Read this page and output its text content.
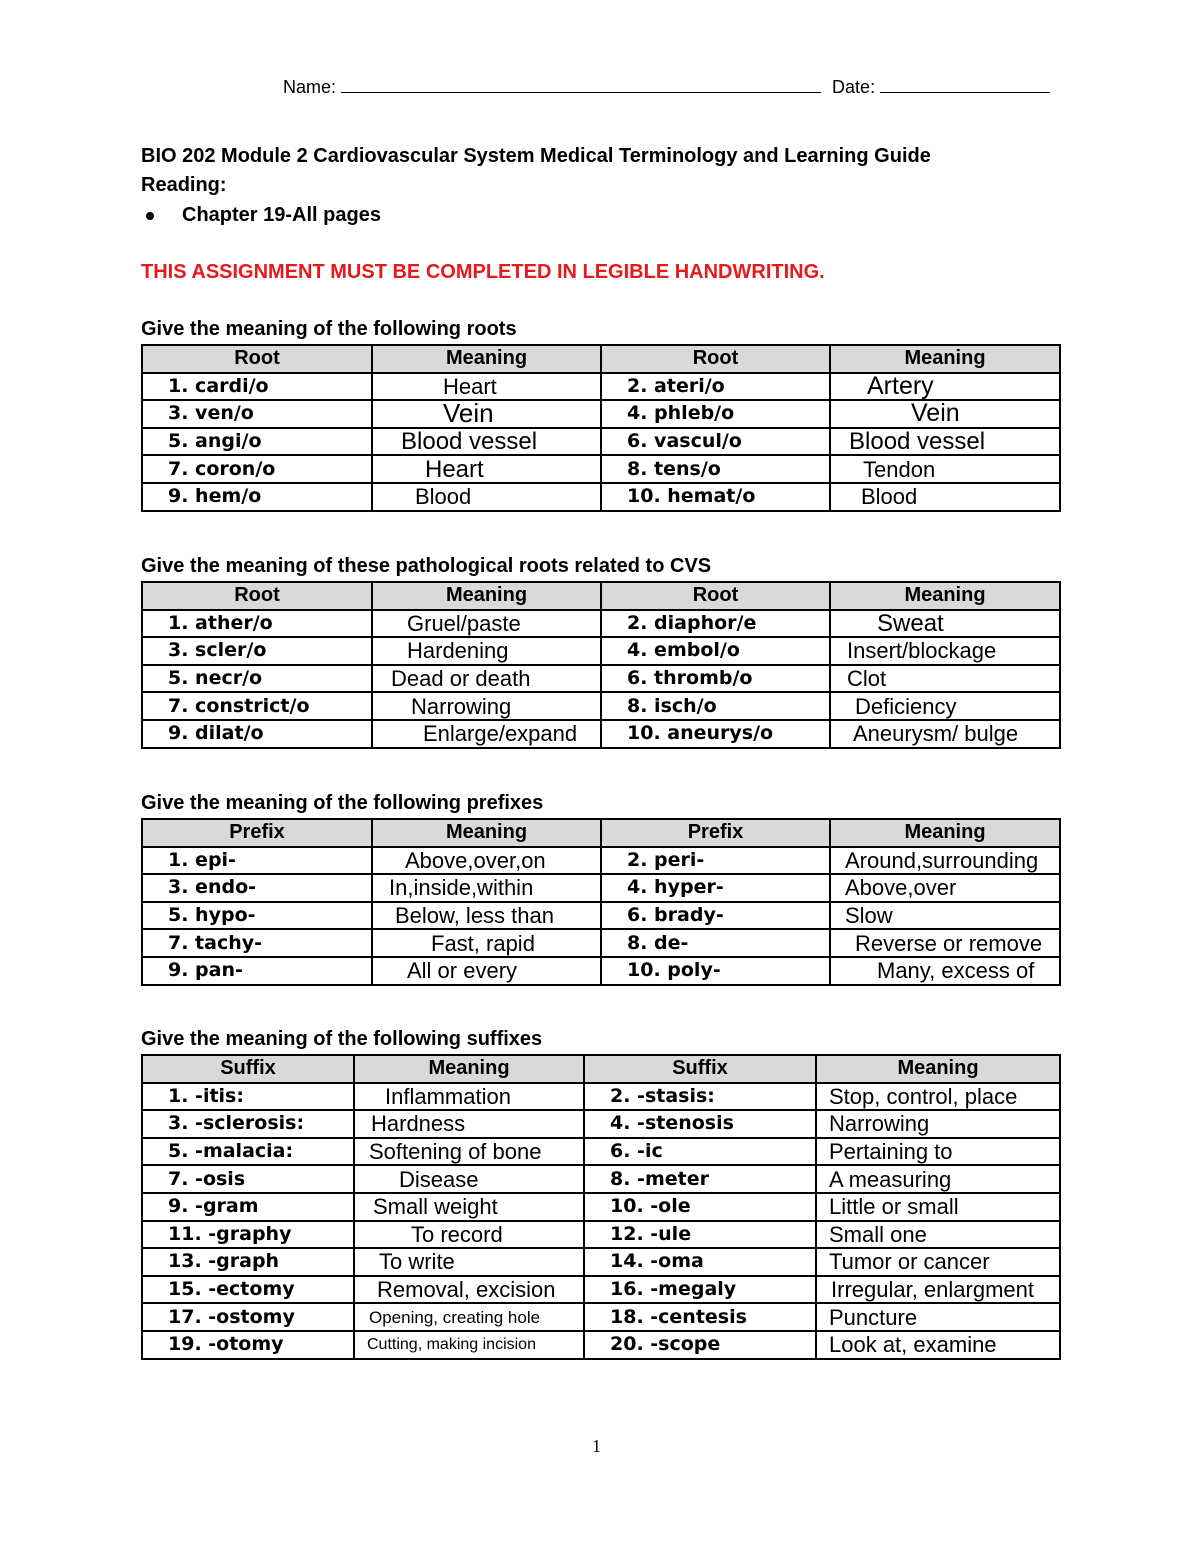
Name:	Date:
BIO 202 Module 2 Cardiovascular System Medical Terminology and Learning Guide
Reading:
Chapter 19-All pages
THIS ASSIGNMENT MUST BE COMPLETED IN LEGIBLE HANDWRITING.
Give the meaning of the following roots
Root	Meaning	Root	Meaning
1. cardi/o	Heart	2. ateri/o	Artery
3. ven/o	Vein	4. phleb/o	Vein
5. angi/o	Blood vessel	6. vascul/o	Blood vessel
7. coron/o	Heart	8. tens/o	Tendon
9. hem/o	Blood	10. hemat/o	Blood
Give the meaning of these pathological roots related to CVS
Root	Meaning	Root	Meaning
1. ather/o	Gruel/paste	2. diaphor/e	Sweat
3. scler/o	Hardening	4. embol/o	Insert/blockage
5. necr/o	Dead or death	6. thromb/o	Clot
7. constrict/o	Narrowing	8. isch/o	Deficiency
9. dilat/o	Enlarge/expand	10. aneurys/o	Aneurysm/ bulge
Give the meaning of the following prefixes
Prefix	Meaning	Prefix	Meaning
1. epi-	Above,over,on	2. peri-	Around,surrounding
3. endo-	In,inside,within	4. hyper-	Above,over
5. hypo-	Below, less than	6. brady-	Slow
7. tachy-	Fast, rapid	8. de-	Reverse or remove
9. pan-	All or every	10. poly-	Many, excess of
Give the meaning of the following suffixes
Suffix	Meaning	Suffix	Meaning
1. -itis:	Inflammation	2. -stasis:	Stop, control, place
3. -sclerosis:	Hardness	4. -stenosis	Narrowing
5. -malacia:	Softening of bone	6. -ic	Pertaining to
7. -osis	Disease	8. -meter	A measuring
9. -gram	Small weight	10. -ole	Little or small
11. -graphy	To record	12. -ule	Small one
13. -graph	To write	14. -oma	Tumor or cancer
15. -ectomy	Removal, excision	16. -megaly	Irregular, enlargment
17. -ostomy	Opening, creating hole	18. -centesis	Puncture
19. -otomy	Cutting, making incision	20. -scope	Look at, examine
1
